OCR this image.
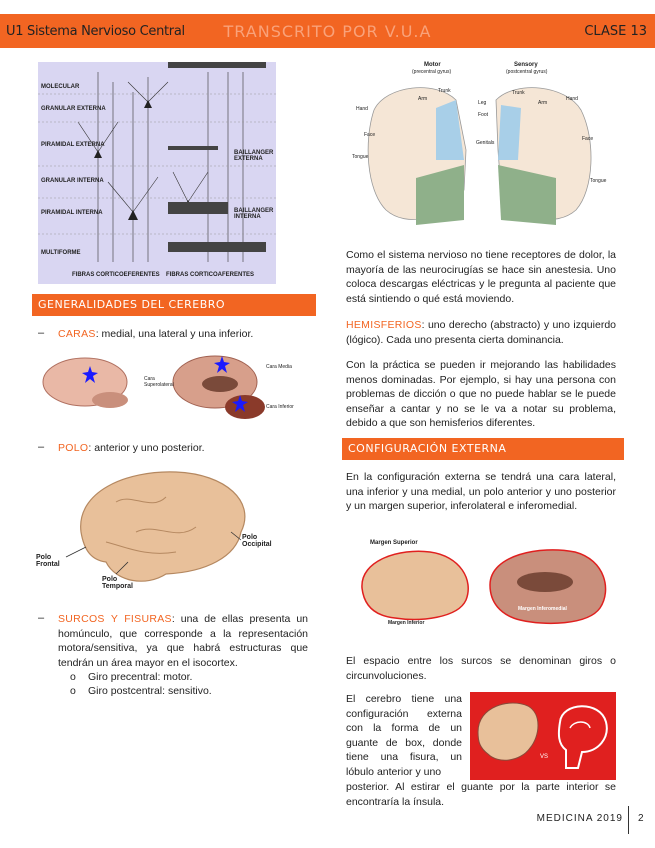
U1 Sistema Nervioso Central	TRANSCRITO POR V.U.A	CLASE 13
MOLECULAR
GRANULAR EXTERNA
PIRAMIDAL EXTERNA
GRANULAR INTERNA
PIRAMIDAL INTERNA
MULTIFORME
BAILLANGER EXTERNA
BAILLANGER INTERNA
FIBRAS CORTICOEFERENTES FIBRAS CORTICOAFERENTES
GENERALIDADES DEL CEREBRO
– CARAS: medial, una lateral y una inferior.
Cara Superolateral
Cara Media
Cara Inferior
– POLO: anterior y uno posterior.
Polo Frontal
Polo Occipital
Polo Temporal
– SURCOS Y FISURAS: una de ellas presenta un homúnculo, que corresponde a la representación motora/sensitiva, ya que habrá estructuras que tendrán un área mayor en el isocortex.
o Giro precentral: motor.
o Giro postcentral: sensitivo.
Motor
(precentral gyrus)
Sensory
(postcentral gyrus)
Hand
Arm
Trunk
Leg
Foot
Face
Tongue
Genitals
Hand
Arm
Trunk
Face
Tongue
Como el sistema nervioso no tiene receptores de dolor, la mayoría de las neurocirugías se hace sin anestesia. Uno coloca descargas eléctricas y le pregunta al paciente que está sintiendo o qué está moviendo.
HEMISFERIOS: uno derecho (abstracto) y uno izquierdo (lógico). Cada uno presenta cierta dominancia.
Con la práctica se pueden ir mejorando las habilidades menos dominadas. Por ejemplo, si hay una persona con problemas de dicción o que no puede hablar se le puede enseñar a cantar y no se le va a notar su problema, debido a que son hemisferios diferentes.
CONFIGURACIÓN EXTERNA
En la configuración externa se tendrá una cara lateral, una inferior y una medial, un polo anterior y uno posterior y un margen superior, inferolateral e inferomedial.
Margen Superior
Margen Inferior
Margen Inferomedial
El espacio entre los surcos se denominan giros o circunvoluciones.
El cerebro tiene una configuración externa con la forma de un guante de box, donde tiene una fisura, un lóbulo anterior y uno
VS
posterior. Al estirar el guante por la parte interior se encontraría la ínsula.
MEDICINA 2019 2
